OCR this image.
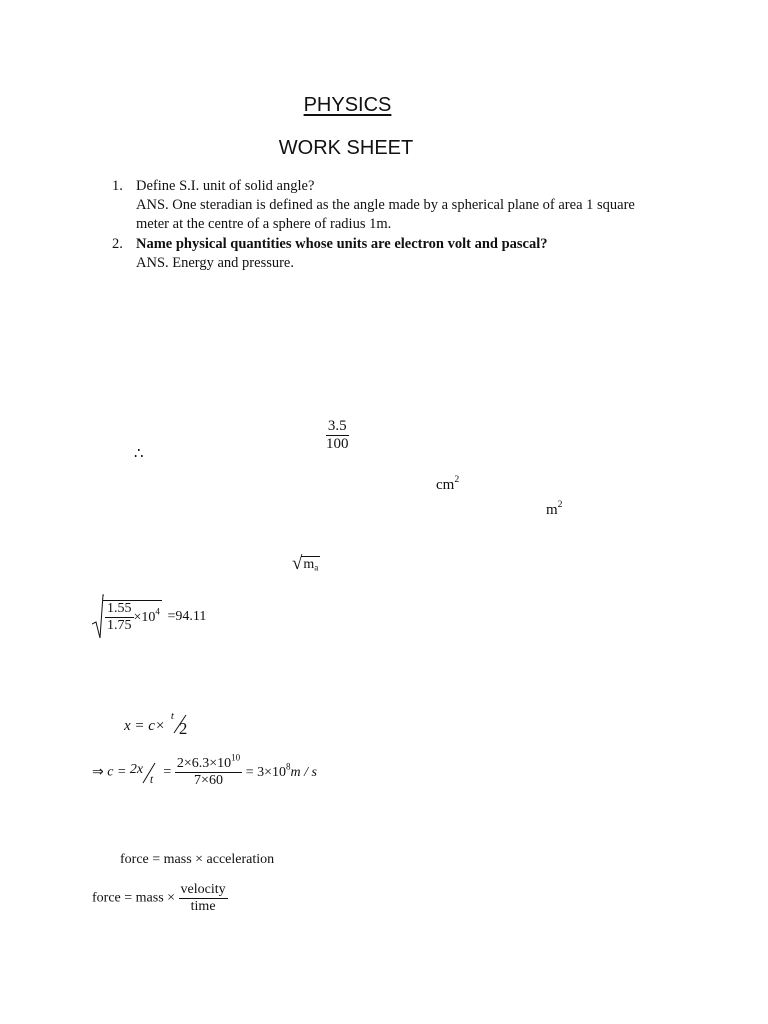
PHYSICS
WORK SHEET
1. Define S.I. unit of solid angle?
ANS. One steradian is defined as the angle made by a spherical plane of area 1 square
meter at the centre of a sphere of radius 1m.
2. Name physical quantities whose units are electron volt and pascal?
ANS. Energy and pressure.
$\frac{3.5}{100}$
∴
$cm^2$
$m^2$
$√m_a$
$\frac{1.55}{1.75} \times 10^4 =94.11$
x = c×
t
2
⇒ c = 2x
$t = \frac{2\times 6.3\times 10^{10}}{7\times 60} = 3\times 10^8m / s$
force = mass × acceleration
force = mass × $\frac{\text{velocity}}{\text{time}}$
